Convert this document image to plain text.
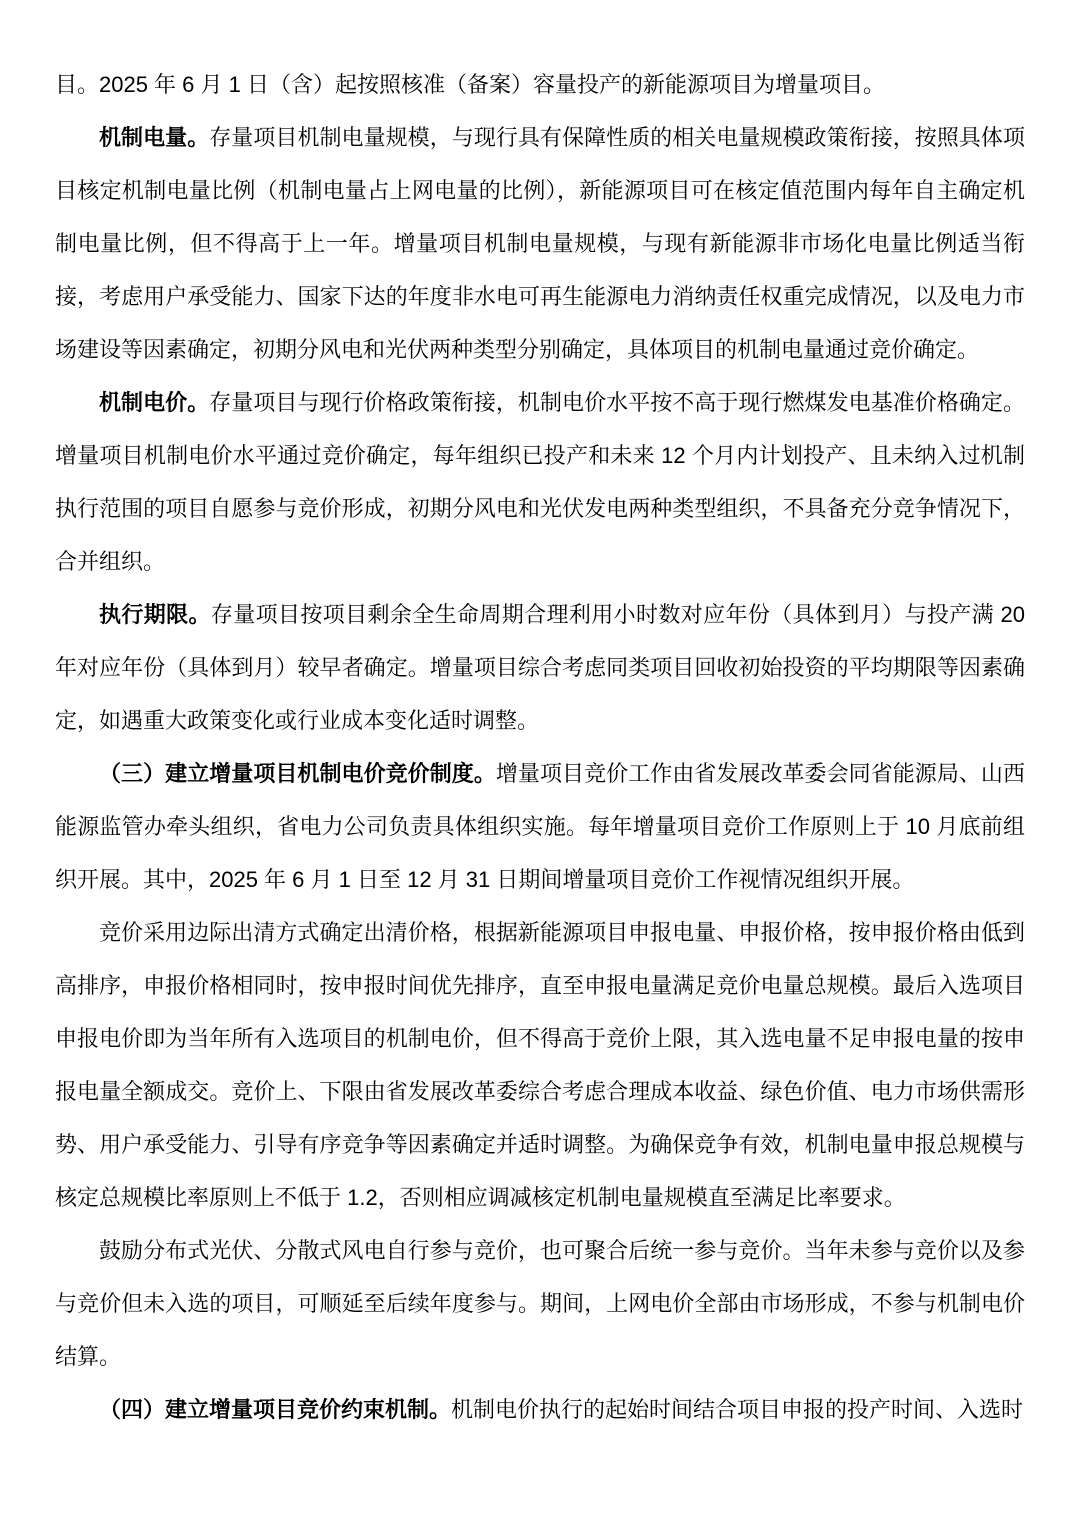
目。2025 年 6 月 1 日（含）起按照核准（备案）容量投产的新能源项目为增量项目。

机制电量。存量项目机制电量规模，与现行具有保障性质的相关电量规模政策衔接，按照具体项目核定机制电量比例（机制电量占上网电量的比例），新能源项目可在核定值范围内每年自主确定机制电量比例，但不得高于上一年。增量项目机制电量规模，与现有新能源非市场化电量比例适当衔接，考虑用户承受能力、国家下达的年度非水电可再生能源电力消纳责任权重完成情况，以及电力市场建设等因素确定，初期分风电和光伏两种类型分别确定，具体项目的机制电量通过竞价确定。

机制电价。存量项目与现行价格政策衔接，机制电价水平按不高于现行燃煤发电基准价格确定。增量项目机制电价水平通过竞价确定，每年组织已投产和未来 12 个月内计划投产、且未纳入过机制执行范围的项目自愿参与竞价形成，初期分风电和光伏发电两种类型组织，不具备充分竞争情况下，合并组织。

执行期限。存量项目按项目剩余全生命周期合理利用小时数对应年份（具体到月）与投产满 20 年对应年份（具体到月）较早者确定。增量项目综合考虑同类项目回收初始投资的平均期限等因素确定，如遇重大政策变化或行业成本变化适时调整。

（三）建立增量项目机制电价竞价制度。增量项目竞价工作由省发展改革委会同省能源局、山西能源监管办牵头组织，省电力公司负责具体组织实施。每年增量项目竞价工作原则上于 10 月底前组织开展。其中，2025 年 6 月 1 日至 12 月 31 日期间增量项目竞价工作视情况组织开展。

竞价采用边际出清方式确定出清价格，根据新能源项目申报电量、申报价格，按申报价格由低到高排序，申报价格相同时，按申报时间优先排序，直至申报电量满足竞价电量总规模。最后入选项目申报电价即为当年所有入选项目的机制电价，但不得高于竞价上限，其入选电量不足申报电量的按申报电量全额成交。竞价上、下限由省发展改革委综合考虑合理成本收益、绿色价值、电力市场供需形势、用户承受能力、引导有序竞争等因素确定并适时调整。为确保竞争有效，机制电量申报总规模与核定总规模比率原则上不低于 1.2，否则相应调减核定机制电量规模直至满足比率要求。

鼓励分布式光伏、分散式风电自行参与竞价，也可聚合后统一参与竞价。当年未参与竞价以及参与竞价但未入选的项目，可顺延至后续年度参与。期间，上网电价全部由市场形成，不参与机制电价结算。

（四）建立增量项目竞价约束机制。机制电价执行的起始时间结合项目申报的投产时间、入选时
